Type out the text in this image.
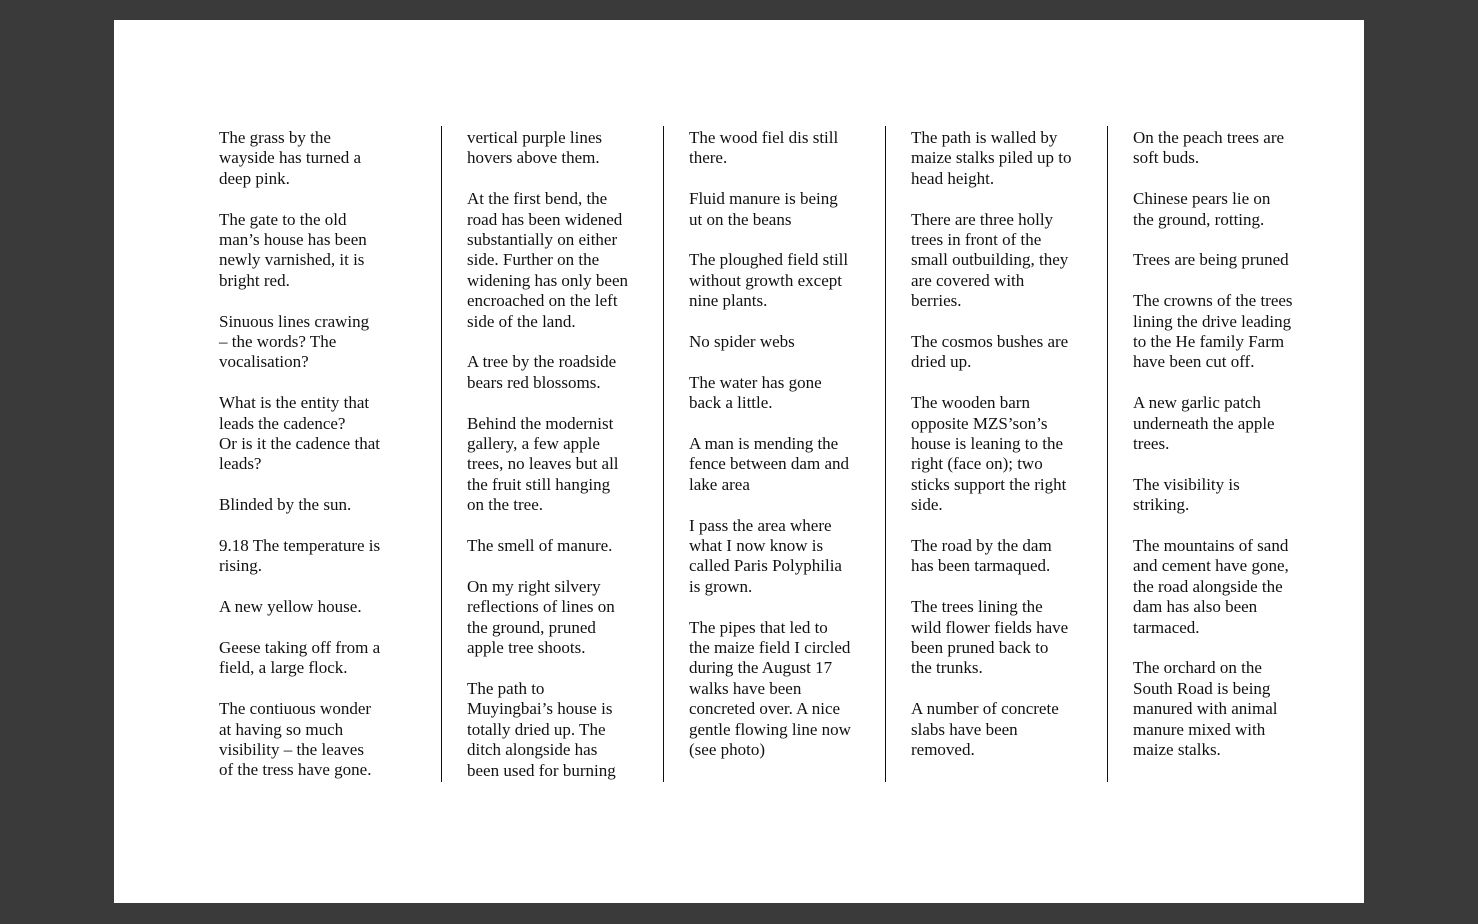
The grass by the
wayside has turned a
deep pink.

The gate to the old
man’s house has been
newly varnished, it is
bright red.

Sinuous lines crawing
– the words? The
vocalisation?

What is the entity that
leads the cadence?
Or is it the cadence that
leads?

Blinded by the sun.

9.18 The temperature is
rising.

A new yellow house.

Geese taking off from a
field, a large flock.

The contiuous wonder
at having so much
visibility – the leaves
of the tress have gone.

vertical purple lines
hovers above them.

At the first bend, the
road has been widened
substantially on either
side. Further on the
widening has only been
encroached on the left
side of the land.

A tree by the roadside
bears red blossoms.

Behind the modernist
gallery, a few apple
trees, no leaves but all
the fruit still hanging
on the tree.

The smell of manure.

On my right silvery
reflections of lines on
the ground, pruned
apple tree shoots.

The path to
Muyingbai’s house is
totally dried up. The
ditch alongside has
been used for burning

The wood fiel dis still
there.

Fluid manure is being
ut on the beans

The ploughed field still
without growth except
nine plants.

No spider webs

The water has gone
back a little.

A man is mending the
fence between dam and
lake area

I pass the area where
what I now know is
called Paris Polyphilia
is grown.

The pipes that led to
the maize field I circled
during the August 17
walks have been
concreted over. A nice
gentle flowing line now
(see photo)

The path is walled by
maize stalks piled up to
head height.

There are three holly
trees in front of the
small outbuilding, they
are covered with
berries.

The cosmos bushes are
dried up.

The wooden barn
opposite MZS’son’s
house is leaning to the
right (face on); two
sticks support the right
side.

The road by the dam
has been tarmaqued.

The trees lining the
wild flower fields have
been pruned back to
the trunks.

A number of concrete
slabs have been
removed.

On the peach trees are
soft buds.

Chinese pears lie on
the ground, rotting.

Trees are being pruned

The crowns of the trees
lining the drive leading
to the He family Farm
have been cut off.

A new garlic patch
underneath the apple
trees.

The visibility is
striking.

The mountains of sand
and cement have gone,
the road alongside the
dam has also been
tarmaced.

The orchard on the
South Road is being
manured with animal
manure mixed with
maize stalks.
